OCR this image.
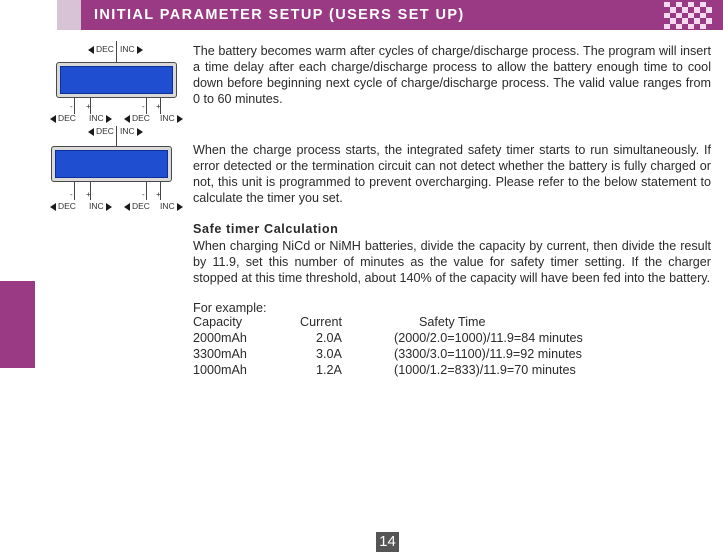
INITIAL PARAMETER SETUP (USERS SET UP)
DEC INC

- +	- +
DEC INC	DEC INC
DEC INC

- +	- +
DEC INC	DEC INC
The battery becomes warm after cycles of charge/discharge process. The program will insert a time delay after each charge/discharge process to allow the battery enough time to cool down before beginning next cycle of charge/discharge process. The valid value ranges from 0 to 60 minutes.
When the charge process starts, the integrated safety timer starts to run simultaneously. If error detected or the termination circuit can not detect whether the battery is fully charged or not, this unit is programmed to prevent overcharging. Please refer to the below statement to calculate the timer you set.
Safe timer Calculation
When charging NiCd or NiMH batteries, divide the capacity by current, then divide the result by 11.9, set this number of minutes as the value for safety timer setting. If the charger stopped at this time threshold, about 140% of the capacity will have been fed into the battery.
For example:
Capacity	Current	Safety Time
2000mAh	2.0A	(2000/2.0=1000)/11.9=84 minutes
3300mAh	3.0A	(3300/3.0=1100)/11.9=92 minutes
1000mAh	1.2A	(1000/1.2=833)/11.9=70 minutes
14
